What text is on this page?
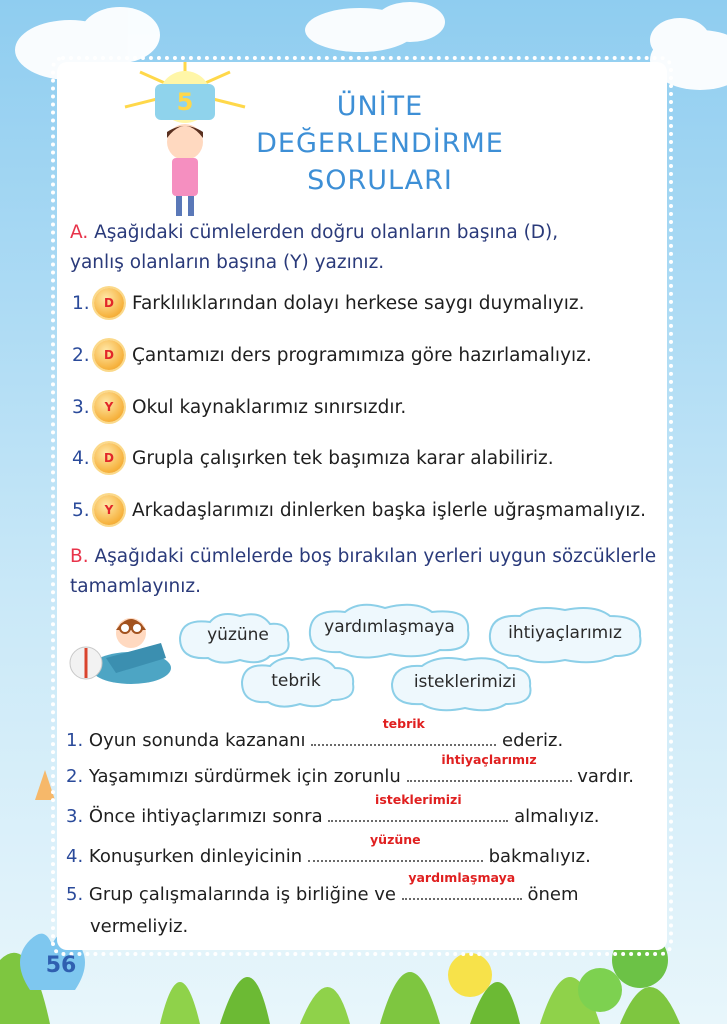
5	ÜNİTE
DEĞERLENDİRME
SORULARI
A. Aşağıdaki cümlelerden doğru olanların başına (D),
yanlış olanların başına (Y) yazınız.
1.	D Farklılıklarından dolayı herkese saygı duymalıyız.
2.	D Çantamızı ders programımıza göre hazırlamalıyız.
3.	Y	Okul kaynaklarımız sınırsızdır.
4.	D Grupla çalışırken tek başımıza karar alabiliriz.
5.	Y	Arkadaşlarımızı dinlerken başka işlerle uğraşmamalıyız.
B. Aşağıdaki cümlelerde boş bırakılan yerleri uygun sözcüklerle
tamamlayınız.
yüzüne	yardımlaşmaya	ihtiyaçlarımız
tebrik	isteklerimizi
1. Oyun sonunda kazananı
tebrik
ederiz.
2. Yaşamımızı sürdürmek için zorunlu
ihtiyaçlarımız
vardır.
3. Önce ihtiyaçlarımızı sonra
isteklerimizi
almalıyız.
4. Konuşurken dinleyicinin
yüzüne
bakmalıyız.
5. Grup çalışmalarında iş birliğine ve
yardımlaşmaya
önem
vermeliyiz.
56
